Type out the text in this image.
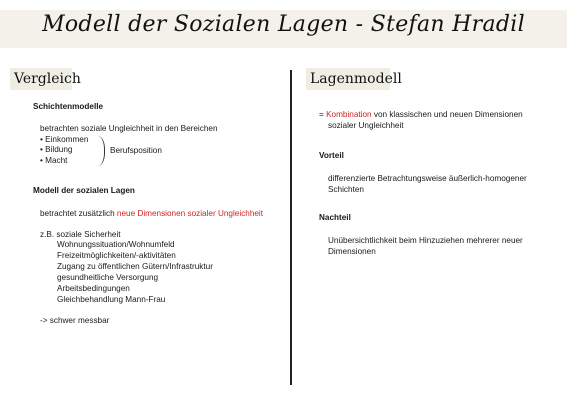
Modell der Sozialen Lagen - Stefan Hradil
Vergleich	Lagenmodell
Schichtenmodelle
betrachten soziale Ungleichheit in den Bereichen
• Einkommen
• Bildung
• Macht
Berufsposition
Modell der sozialen Lagen
betrachtet zusätzlich neue Dimensionen sozialer Ungleichheit
z.B. soziale Sicherheit
Wohnungssituation/Wohnumfeld
Freizeitmöglichkeiten/-aktivitäten
Zugang zu öffentlichen Gütern/Infrastruktur
gesundheitliche Versorgung
Arbeitsbedingungen
Gleichbehandlung Mann-Frau
-> schwer messbar
= Kombination von klassischen und neuen Dimensionen
sozialer Ungleichheit
Vorteil
differenzierte Betrachtungsweise äußerlich-homogener
Schichten
Nachteil
Unübersichtlichkeit beim Hinzuziehen mehrerer neuer
Dimensionen
